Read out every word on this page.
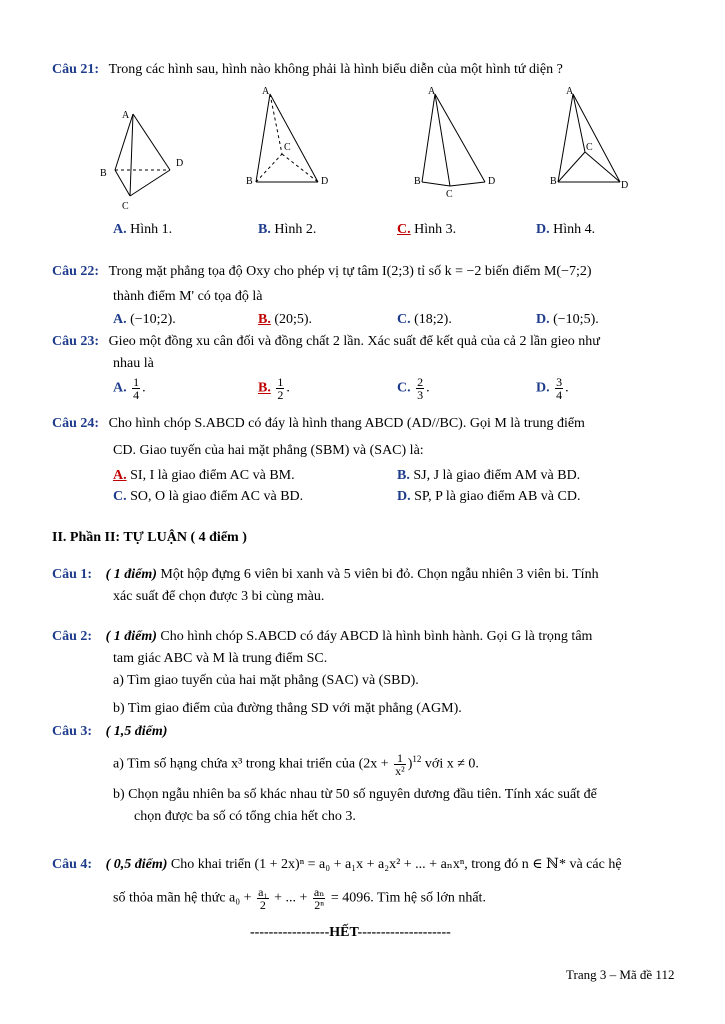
Câu 21: Trong các hình sau, hình nào không phải là hình biểu diễn của một hình tứ diện ?
A
B
C
D
A
B
C
D
A
B
C
D
A
B
C
D
A. Hình 1.	B. Hình 2.	C. Hình 3.	D. Hình 4.
Câu 22: Trong mặt phẳng tọa độ Oxy cho phép vị tự tâm I(2;3) tỉ số k = −2 biến điểm M(−7;2)
thành điểm M' có tọa độ là
A. (−10;2).	B. (20;5).	C. (18;2).	D. (−10;5).
Câu 23: Gieo một đồng xu cân đối và đồng chất 2 lần. Xác suất để kết quả của cả 2 lần gieo như
nhau là
A. $\frac{1}{4}$ .	B. $\frac{1}{2}$ .	C. $\frac{2}{3}$ .	D. $\frac{3}{4}$ .
Câu 24: Cho hình chóp S.ABCD có đáy là hình thang ABCD (AD//BC). Gọi M là trung điểm
CD. Giao tuyến của hai mặt phẳng (SBM) và (SAC) là:
A. SI, I là giao điểm AC và BM.	B. SJ, J là giao điểm AM và BD.
C. SO, O là giao điểm AC và BD.	D. SP, P là giao điểm AB và CD.
II. Phần II: TỰ LUẬN ( 4 điểm )
Câu 1: ( 1 điểm) Một hộp đựng 6 viên bi xanh và 5 viên bi đỏ. Chọn ngẫu nhiên 3 viên bi. Tính
xác suất để chọn được 3 bi cùng màu.
Câu 2: ( 1 điểm) Cho hình chóp S.ABCD có đáy ABCD là hình bình hành. Gọi G là trọng tâm
tam giác ABC và M là trung điểm SC.
a) Tìm giao tuyến của hai mặt phẳng (SAC) và (SBD).
b) Tìm giao điểm của đường thẳng SD với mặt phẳng (AGM).
Câu 3: ( 1,5 điểm)
a) Tìm số hạng chứa x³ trong khai triển của $(2x + \frac{1}{\text{x²}} )^{12}$ với x ≠ 0.
b) Chọn ngẫu nhiên ba số khác nhau từ 50 số nguyên dương đầu tiên. Tính xác suất để
chọn được ba số có tổng chia hết cho 3.
Câu 4: ( 0,5 điểm) Cho khai triển (1 + 2x)ⁿ = a₀ + a₁x + a₂x² + ... + aₙxⁿ, trong đó n ∈ ℕ* và các hệ
số thỏa mãn hệ thức $a_0 + \frac{\text{a₁}}{2}$ + ... + $\frac{\text{aₙ}}{\text{2ⁿ}} = 4096$. Tìm hệ số lớn nhất.
-----------------HẾT--------------------
Trang 3 – Mã đề 112
